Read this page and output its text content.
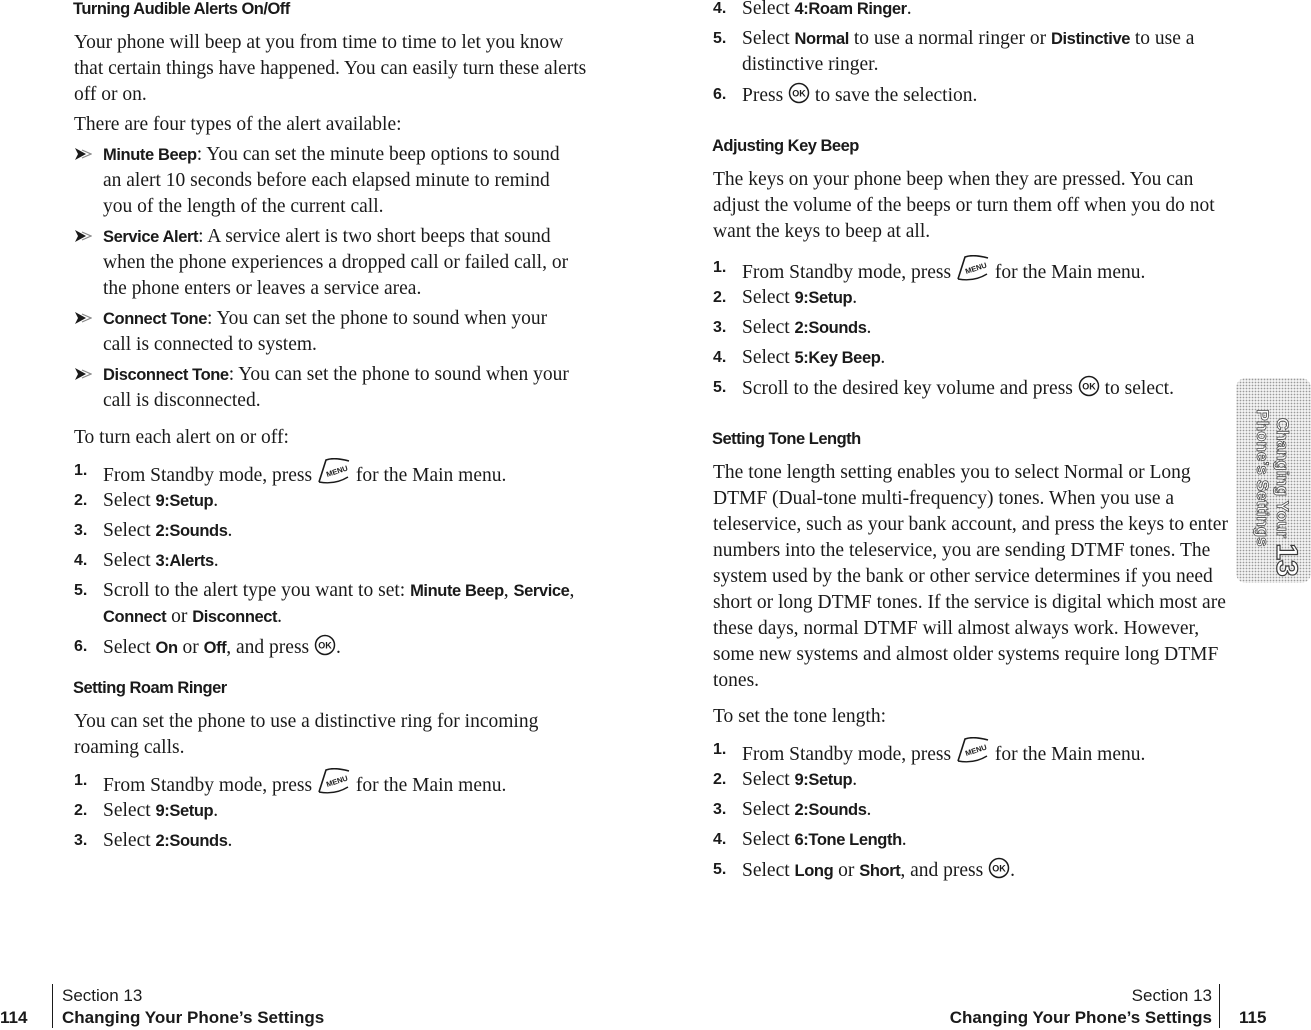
Turning Audible Alerts On/Off

Your phone will beep at you from time to time to let you know that certain things have happened. You can easily turn these alerts off or on.

There are four types of the alert available:

Minute Beep: You can set the minute beep options to sound an alert 10 seconds before each elapsed minute to remind you of the length of the current call.
Service Alert: A service alert is two short beeps that sound when the phone experiences a dropped call or failed call, or the phone enters or leaves a service area.
Connect Tone: You can set the phone to sound when your call is connected to system.
Disconnect Tone: You can set the phone to sound when your call is disconnected.

To turn each alert on or off:

1. From Standby mode, press for the Main menu.
2. Select 9:Setup.
3. Select 2:Sounds.
4. Select 3:Alerts.
5. Scroll to the alert type you want to set: Minute Beep, Service, Connect or Disconnect.
6. Select On or Off, and press .
Setting Roam Ringer

You can set the phone to use a distinctive ring for incoming roaming calls.

1. From Standby mode, press for the Main menu.
2. Select 9:Setup.
3. Select 2:Sounds.
114
Section 13
Changing Your Phone’s Settings
4. Select 4:Roam Ringer.
5. Select Normal to use a normal ringer or Distinctive to use a distinctive ringer.
6. Press to save the selection.
Adjusting Key Beep

The keys on your phone beep when they are pressed. You can adjust the volume of the beeps or turn them off when you do not want the keys to beep at all.

1. From Standby mode, press for the Main menu.
2. Select 9:Setup.
3. Select 2:Sounds.
4. Select 5:Key Beep.
5. Scroll to the desired key volume and press to select.
Setting Tone Length

The tone length setting enables you to select Normal or Long DTMF (Dual-tone multi-frequency) tones. When you use a teleservice, such as your bank account, and press the keys to enter numbers into the teleservice, you are sending DTMF tones. The system used by the bank or other service determines if you need short or long DTMF tones. If the service is digital which most are these days, normal DTMF will almost always work. However, some new systems and almost older systems require long DTMF tones.

To set the tone length:

1. From Standby mode, press for the Main menu.
2. Select 9:Setup.
3. Select 2:Sounds.
4. Select 6:Tone Length.
5. Select Long or Short, and press .
Section 13
Changing Your Phone’s Settings 115
Changing Your
Phone’s Settings
13
